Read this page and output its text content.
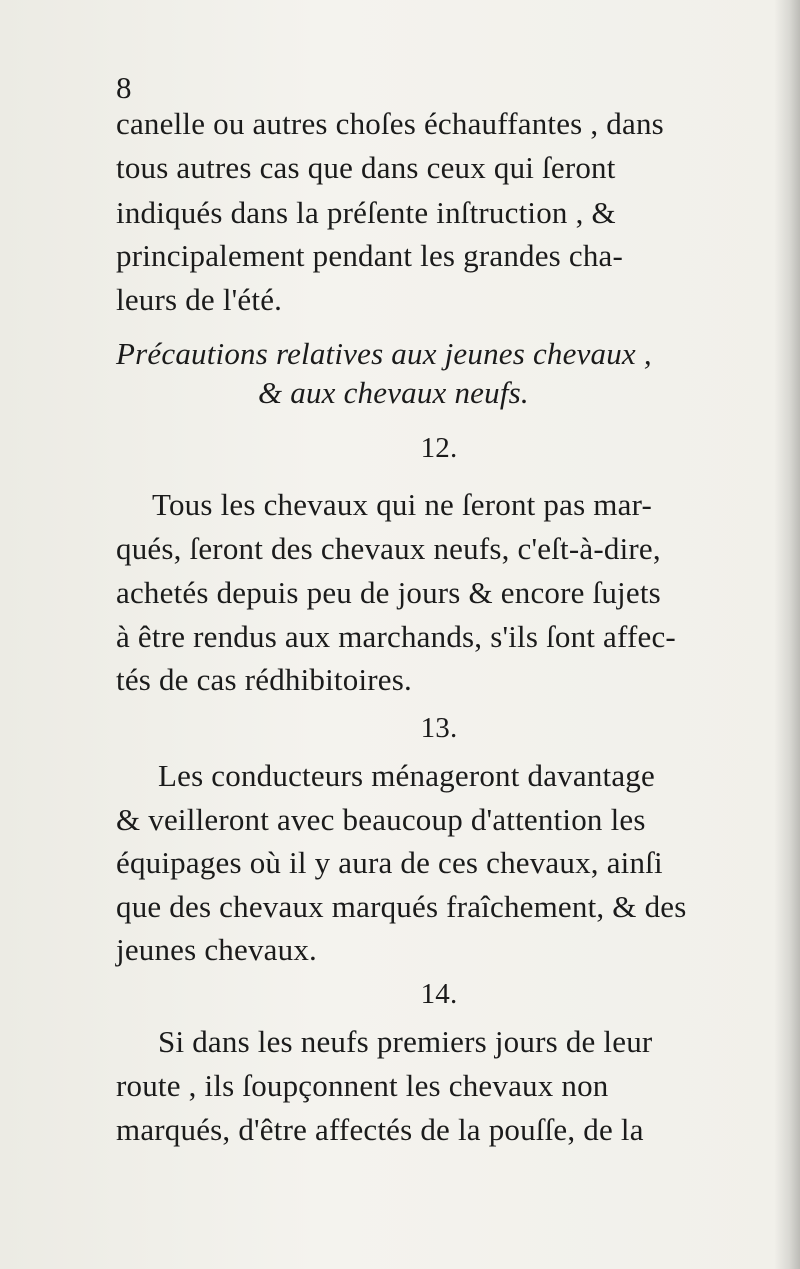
8
canelle ou autres choſes échauffantes , dans
tous autres cas que dans ceux qui ſeront
indiqués dans la préſente inſtruction , &
principalement pendant les grandes cha-
leurs de l'été.
Précautions relatives aux jeunes chevaux ,
& aux chevaux neufs.
12.
Tous les chevaux qui ne ſeront pas mar-
qués, ſeront des chevaux neufs, c'eſt-à-dire,
achetés depuis peu de jours & encore ſujets
à être rendus aux marchands, s'ils ſont affec-
tés de cas rédhibitoires.
13.
Les conducteurs ménageront davantage
& veilleront avec beaucoup d'attention les
équipages où il y aura de ces chevaux, ainſi
que des chevaux marqués fraîchement, & des
jeunes chevaux.
14.
Si dans les neufs premiers jours de leur
route , ils ſoupçonnent les chevaux non
marqués, d'être affectés de la pouſſe, de la
